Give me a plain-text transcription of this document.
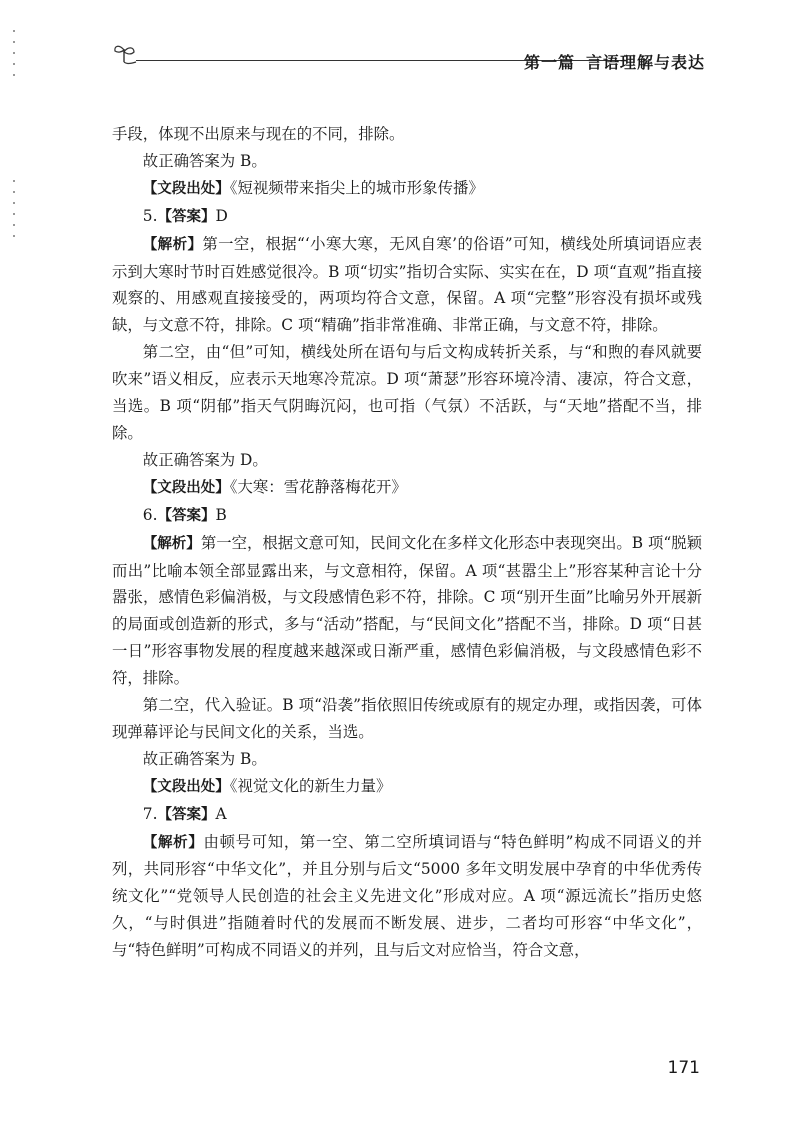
第一篇 言语理解与表达

手段，体现不出原来与现在的不同，排除。

故正确答案为 B。

【文段出处】《短视频带来指尖上的城市形象传播》

5.【答案】D

【解析】第一空，根据“‘小寒大寒，无风自寒’的俗语”可知，横线处所填词语应表示到大寒时节时百姓感觉很冷。B 项“切实”指切合实际、实实在在，D 项“直观”指直接观察的、用感观直接接受的，两项均符合文意，保留。A 项“完整”形容没有损坏或残缺，与文意不符，排除。C 项“精确”指非常准确、非常正确，与文意不符，排除。

第二空，由“但”可知，横线处所在语句与后文构成转折关系，与“和煦的春风就要吹来”语义相反，应表示天地寒冷荒凉。D 项“萧瑟”形容环境冷清、凄凉，符合文意，当选。B 项“阴郁”指天气阴晦沉闷，也可指（气氛）不活跃，与“天地”搭配不当，排除。

故正确答案为 D。

【文段出处】《大寒：雪花静落梅花开》

6.【答案】B

【解析】第一空，根据文意可知，民间文化在多样文化形态中表现突出。B 项“脱颖而出”比喻本领全部显露出来，与文意相符，保留。A 项“甚嚣尘上”形容某种言论十分嚣张，感情色彩偏消极，与文段感情色彩不符，排除。C 项“别开生面”比喻另外开展新的局面或创造新的形式，多与“活动”搭配，与“民间文化”搭配不当，排除。D 项“日甚一日”形容事物发展的程度越来越深或日渐严重，感情色彩偏消极，与文段感情色彩不符，排除。

第二空，代入验证。B 项“沿袭”指依照旧传统或原有的规定办理，或指因袭，可体现弹幕评论与民间文化的关系，当选。

故正确答案为 B。

【文段出处】《视觉文化的新生力量》

7.【答案】A

【解析】由顿号可知，第一空、第二空所填词语与“特色鲜明”构成不同语义的并列，共同形容“中华文化”，并且分别与后文“5000 多年文明发展中孕育的中华优秀传统文化”“党领导人民创造的社会主义先进文化”形成对应。A 项“源远流长”指历史悠久，“与时俱进”指随着时代的发展而不断发展、进步，二者均可形容“中华文化”，与“特色鲜明”可构成不同语义的并列，且与后文对应恰当，符合文意，

171
